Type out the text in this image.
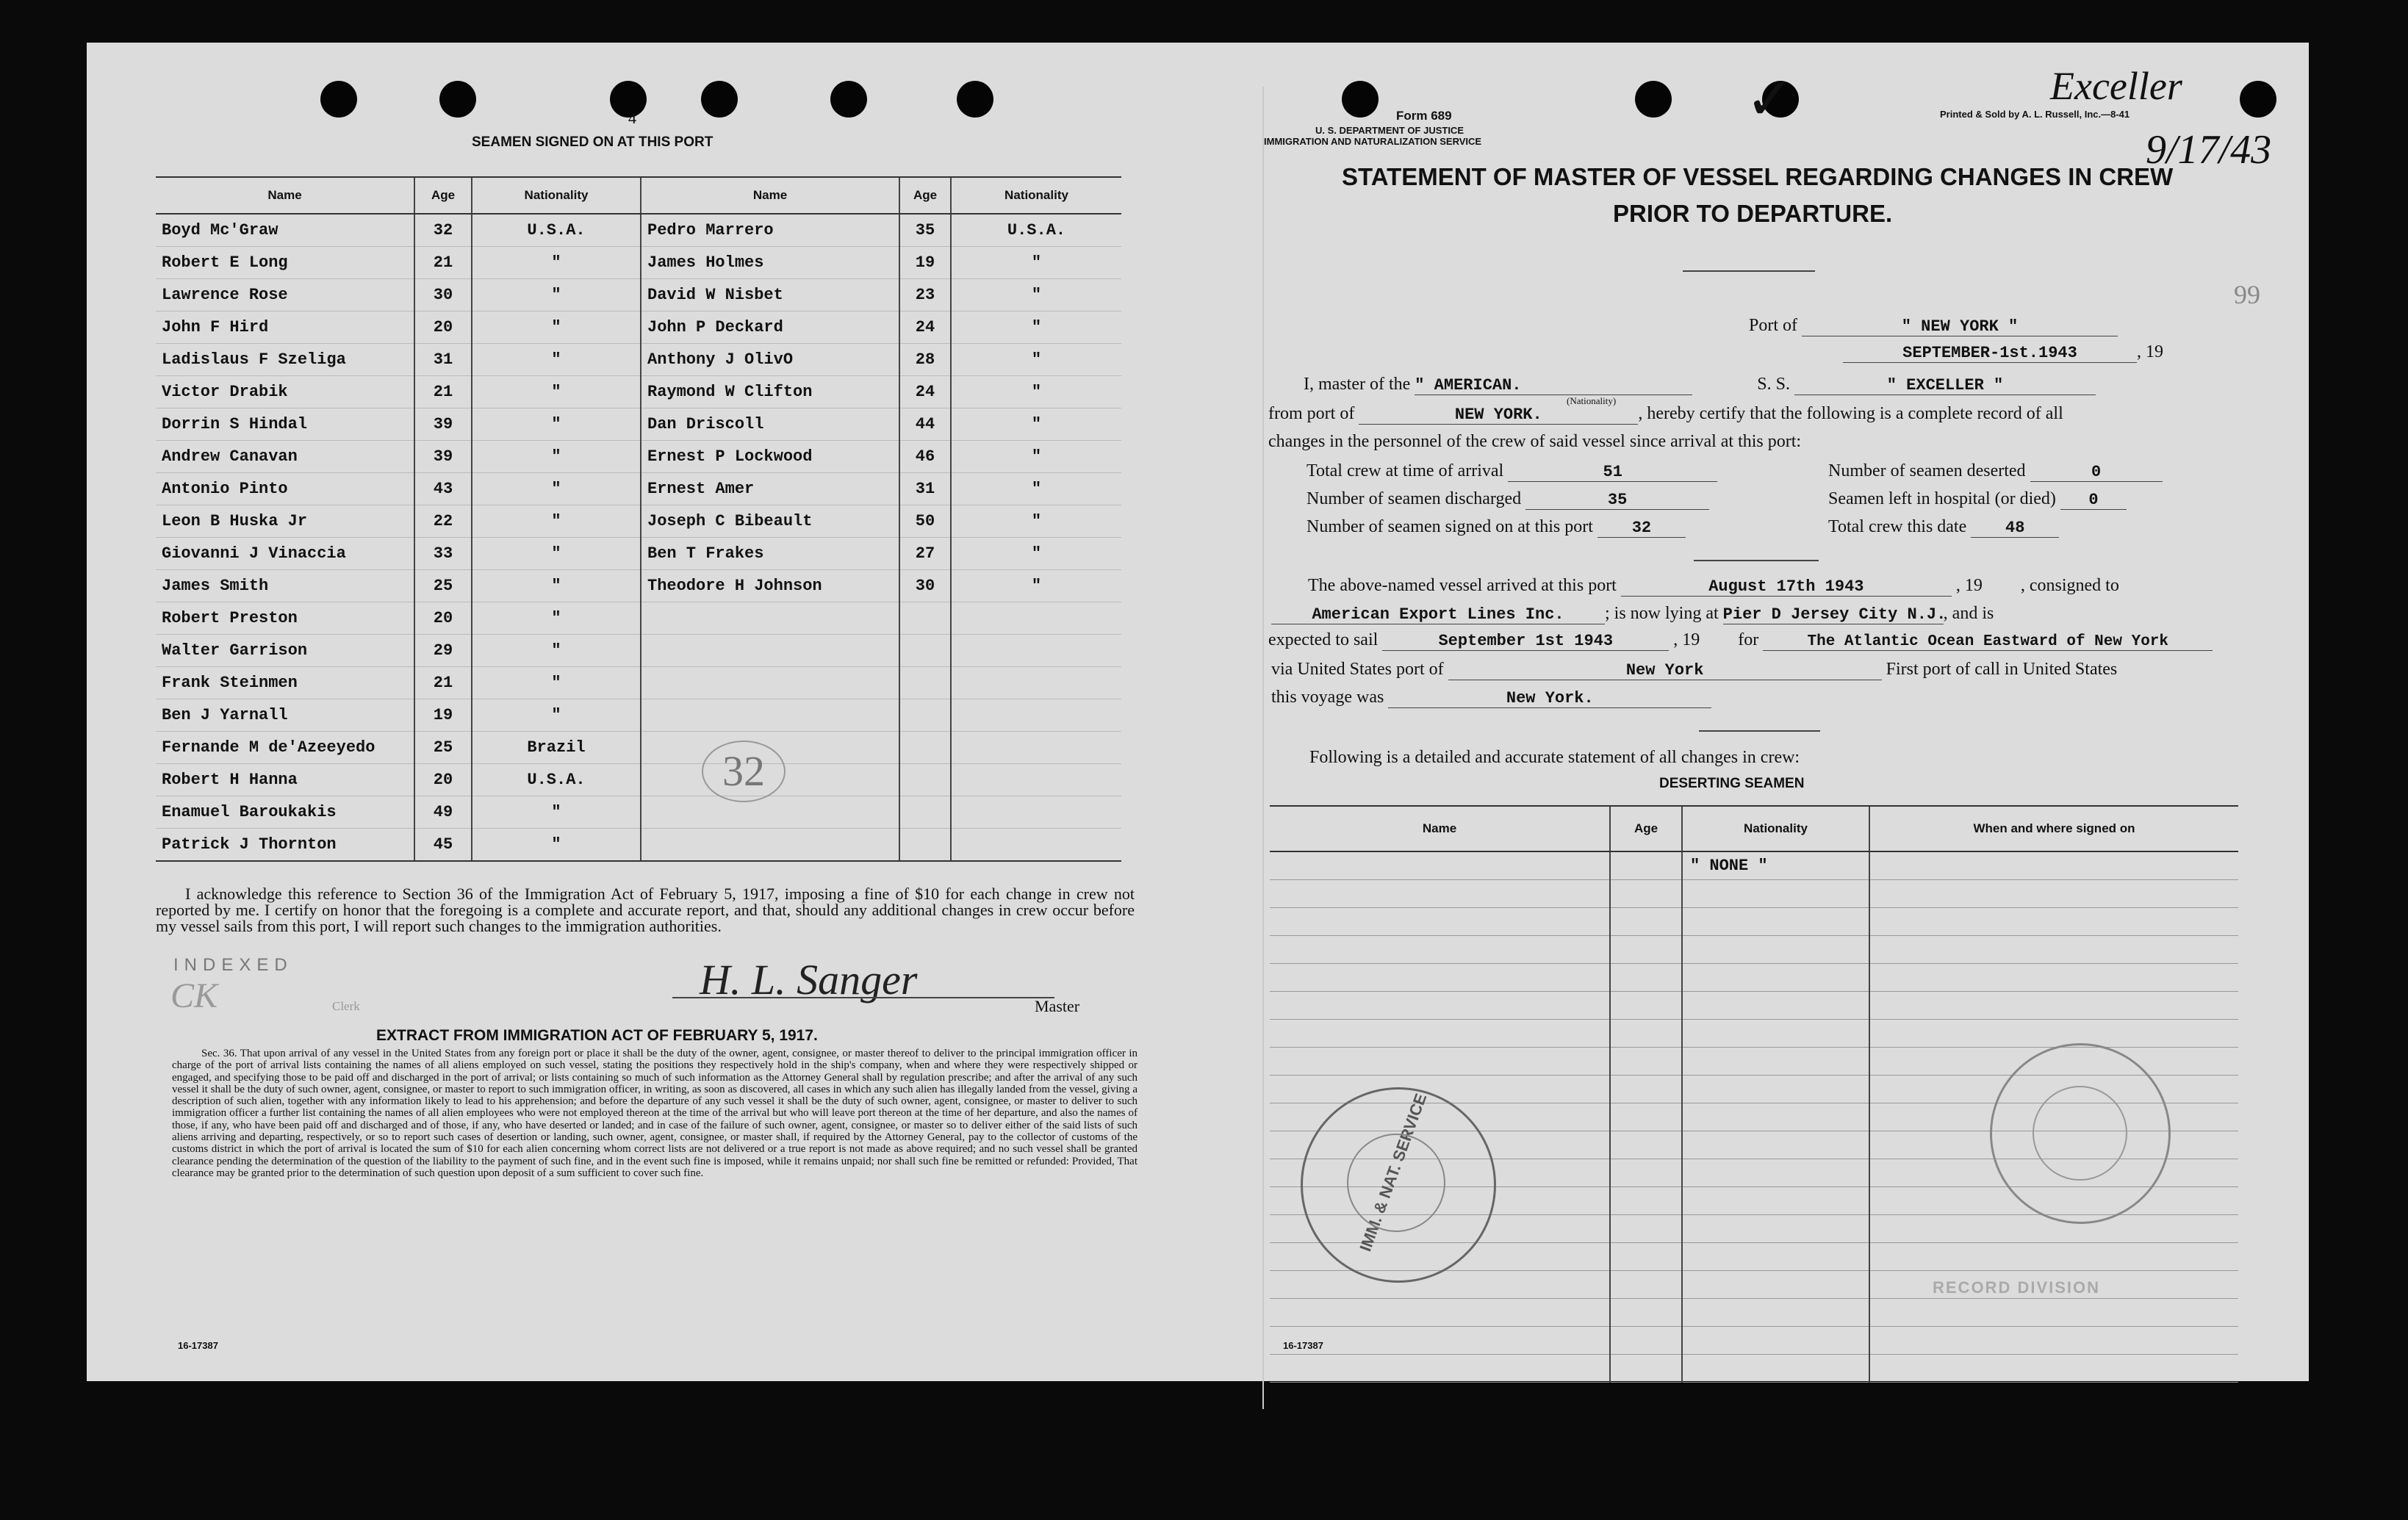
4
SEAMEN SIGNED ON AT THIS PORT
Name	Age	Nationality	Name	Age	Nationality
Boyd Mc'Graw	32	U.S.A.	Pedro Marrero	35	U.S.A.
Robert E Long	21	"	James Holmes	19	"
Lawrence Rose	30	"	David W Nisbet	23	"
John F Hird	20	"	John P Deckard	24	"
Ladislaus F Szeliga	31	"	Anthony J OlivO	28	"
Victor Drabik	21	"	Raymond W Clifton	24	"
Dorrin S Hindal	39	"	Dan Driscoll	44	"
Andrew Canavan	39	"	Ernest P Lockwood	46	"
Antonio Pinto	43	"	Ernest Amer	31	"
Leon B Huska Jr	22	"	Joseph C Bibeault	50	"
Giovanni J Vinaccia	33	"	Ben T Frakes	27	"
James Smith	25	"	Theodore H Johnson	30	"
Robert Preston	20	"			
Walter Garrison	29	"			
Frank Steinmen	21	"			
Ben J Yarnall	19	"			
Fernande M de'Azeeyedo	25	Brazil			
Robert H Hanna	20	U.S.A.			
Enamuel Baroukakis	49	"			
Patrick J Thornton	45	"			
32
I acknowledge this reference to Section 36 of the Immigration Act of February 5, 1917, imposing a fine of $10 for each change in crew not reported by me. I certify on honor that the foregoing is a complete and accurate report, and that, should any additional changes in crew occur before my vessel sails from this port, I will report such changes to the immigration authorities.
INDEXED
CK	Clerk
H. L. Sanger
Master
EXTRACT FROM IMMIGRATION ACT OF FEBRUARY 5, 1917.
Sec. 36. That upon arrival of any vessel in the United States from any foreign port or place it shall be the duty of the owner, agent, consignee, or master thereof to deliver to the principal immigration officer in charge of the port of arrival lists containing the names of all aliens employed on such vessel, stating the positions they respectively hold in the ship's company, when and where they were respectively shipped or engaged, and specifying those to be paid off and discharged in the port of arrival; or lists containing so much of such information as the Attorney General shall by regulation prescribe; and after the arrival of any such vessel it shall be the duty of such owner, agent, consignee, or master to report to such immigration officer, in writing, as soon as discovered, all cases in which any such alien has illegally landed from the vessel, giving a description of such alien, together with any information likely to lead to his apprehension; and before the departure of any such vessel it shall be the duty of such owner, agent, consignee, or master to deliver to such immigration officer a further list containing the names of all alien employees who were not employed thereon at the time of the arrival but who will leave port thereon at the time of her departure, and also the names of those, if any, who have been paid off and discharged and of those, if any, who have deserted or landed; and in case of the failure of such owner, agent, consignee, or master so to deliver either of the said lists of such aliens arriving and departing, respectively, or so to report such cases of desertion or landing, such owner, agent, consignee, or master shall, if required by the Attorney General, pay to the collector of customs of the customs district in which the port of arrival is located the sum of $10 for each alien concerning whom correct lists are not delivered or a true report is not made as above required; and no such vessel shall be granted clearance pending the determination of the question of the liability to the payment of such fine, and in the event such fine is imposed, while it remains unpaid; nor shall such fine be remitted or refunded: Provided, That clearance may be granted prior to the determination of such question upon deposit of a sum sufficient to cover such fine.
16-17387
Form 689
U. S. DEPARTMENT OF JUSTICE
IMMIGRATION AND NATURALIZATION SERVICE
Printed & Sold by A. L. Russell, Inc.—8-41
Exceller
9/17/43
99
✓
STATEMENT OF MASTER OF VESSEL REGARDING CHANGES IN CREW
PRIOR TO DEPARTURE.
Port of	" NEW YORK "
SEPTEMBER-1st.1943	, 19
I, master of the " AMERICAN.	S. S.	" EXCELLER "
(Nationality)
from port of	NEW YORK.	, hereby certify that the following is a complete record of all
changes in the personnel of the crew of said vessel since arrival at this port:
Total crew at time of arrival	51	Number of seamen deserted	0
Number of seamen discharged	35	Seamen left in hospital (or died) 0
Number of seamen signed on at this port 32	Total crew this date 48
The above-named vessel arrived at this port	August 17th 1943	, 19 , consigned to
American Export Lines Inc. ; is now lying at Pier D Jersey City N.J., and is
expected to sail	September 1st 1943	, 19 for	The Atlantic Ocean Eastward of New York
via United States port of	New York	First port of call in United States
this voyage was	New York.
Following is a detailed and accurate statement of all changes in crew:
DESERTING SEAMEN
Name	Age	Nationality	When and where signed on
		" NONE "	

IMM. & NAT. SERVICE
RECORD DIVISION
16-17387
